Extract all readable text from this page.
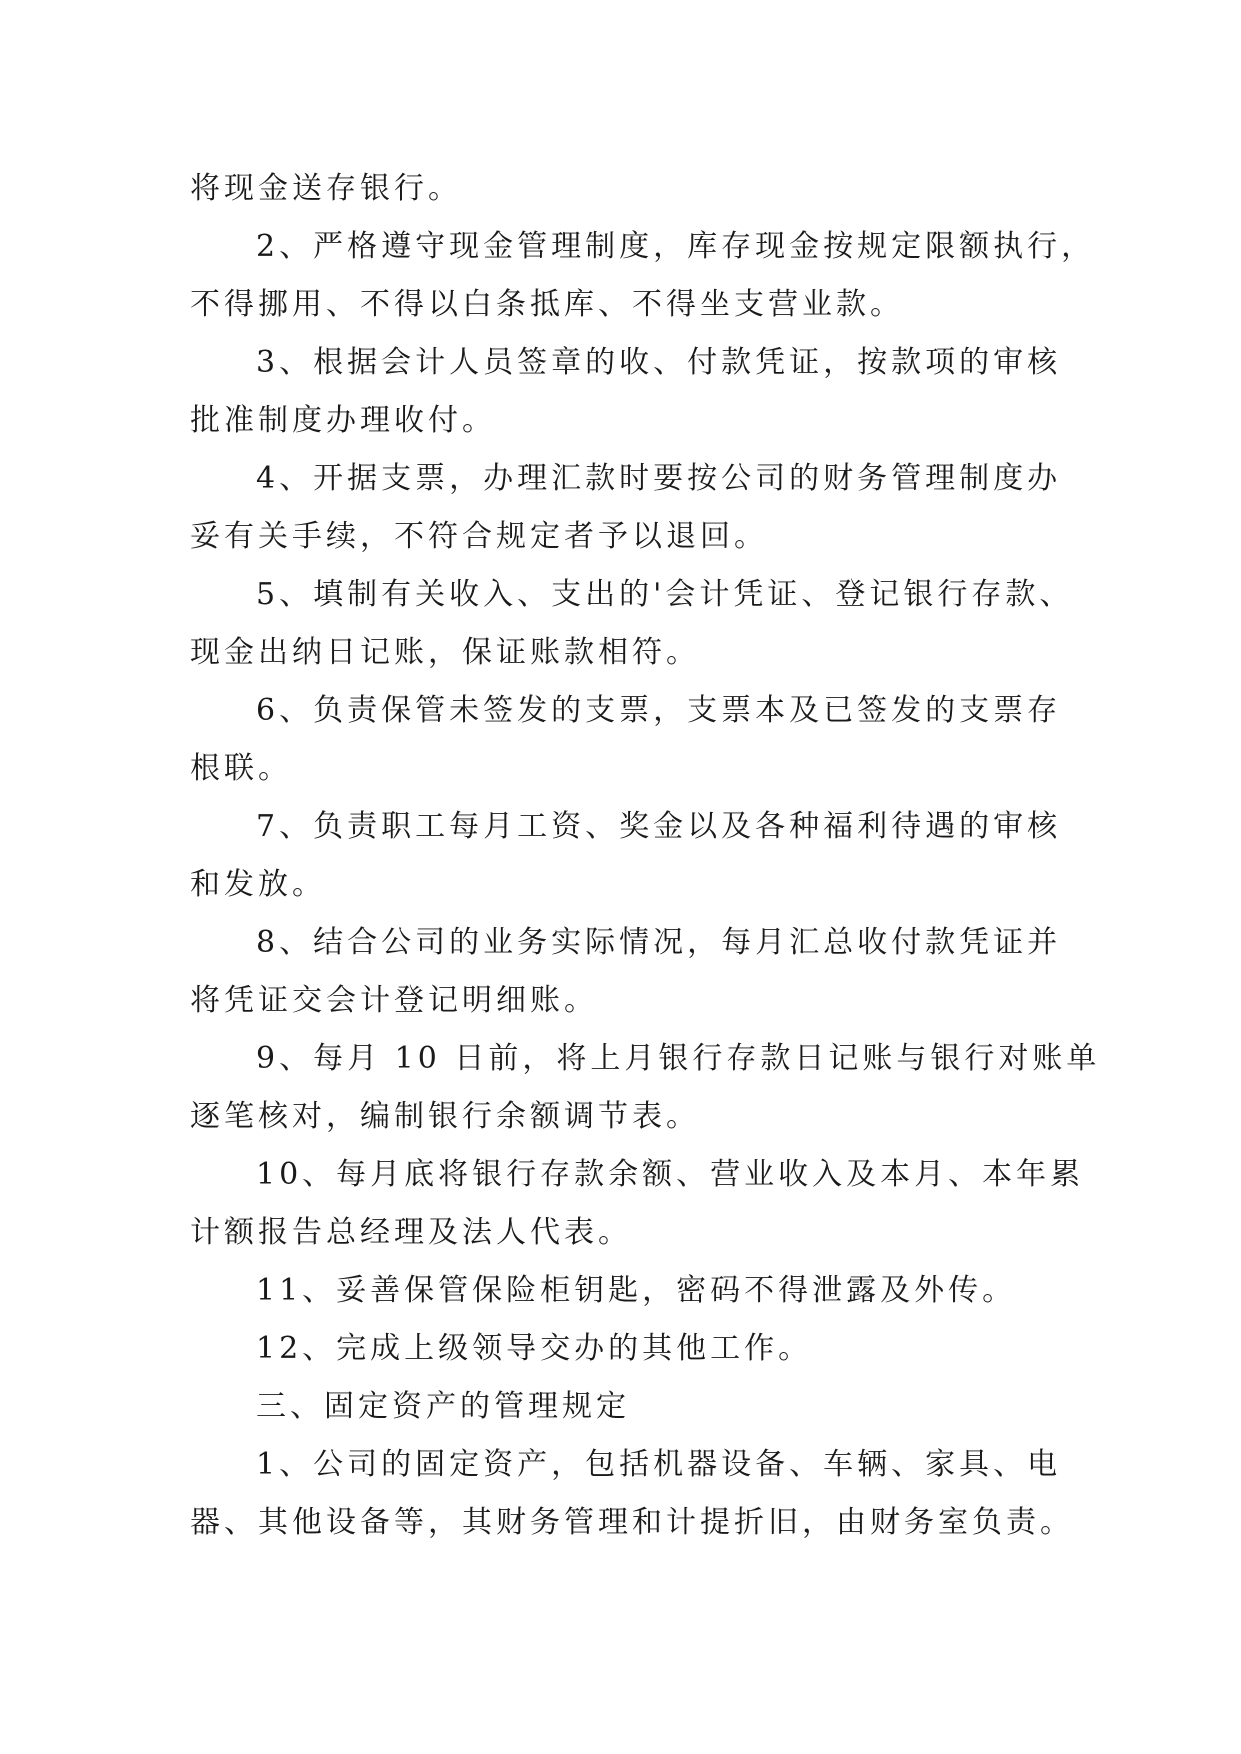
将现金送存银行。
2、严格遵守现金管理制度，库存现金按规定限额执行，
不得挪用、不得以白条抵库、不得坐支营业款。
3、根据会计人员签章的收、付款凭证，按款项的审核
批准制度办理收付。
4、开据支票，办理汇款时要按公司的财务管理制度办
妥有关手续，不符合规定者予以退回。
5、填制有关收入、支出的'会计凭证、登记银行存款、
现金出纳日记账，保证账款相符。
6、负责保管未签发的支票，支票本及已签发的支票存
根联。
7、负责职工每月工资、奖金以及各种福利待遇的审核
和发放。
8、结合公司的业务实际情况，每月汇总收付款凭证并
将凭证交会计登记明细账。
9、每月 10 日前，将上月银行存款日记账与银行对账单
逐笔核对，编制银行余额调节表。
10、每月底将银行存款余额、营业收入及本月、本年累
计额报告总经理及法人代表。
11、妥善保管保险柜钥匙，密码不得泄露及外传。
12、完成上级领导交办的其他工作。
三、固定资产的管理规定
1、公司的固定资产，包括机器设备、车辆、家具、电
器、其他设备等，其财务管理和计提折旧，由财务室负责。
